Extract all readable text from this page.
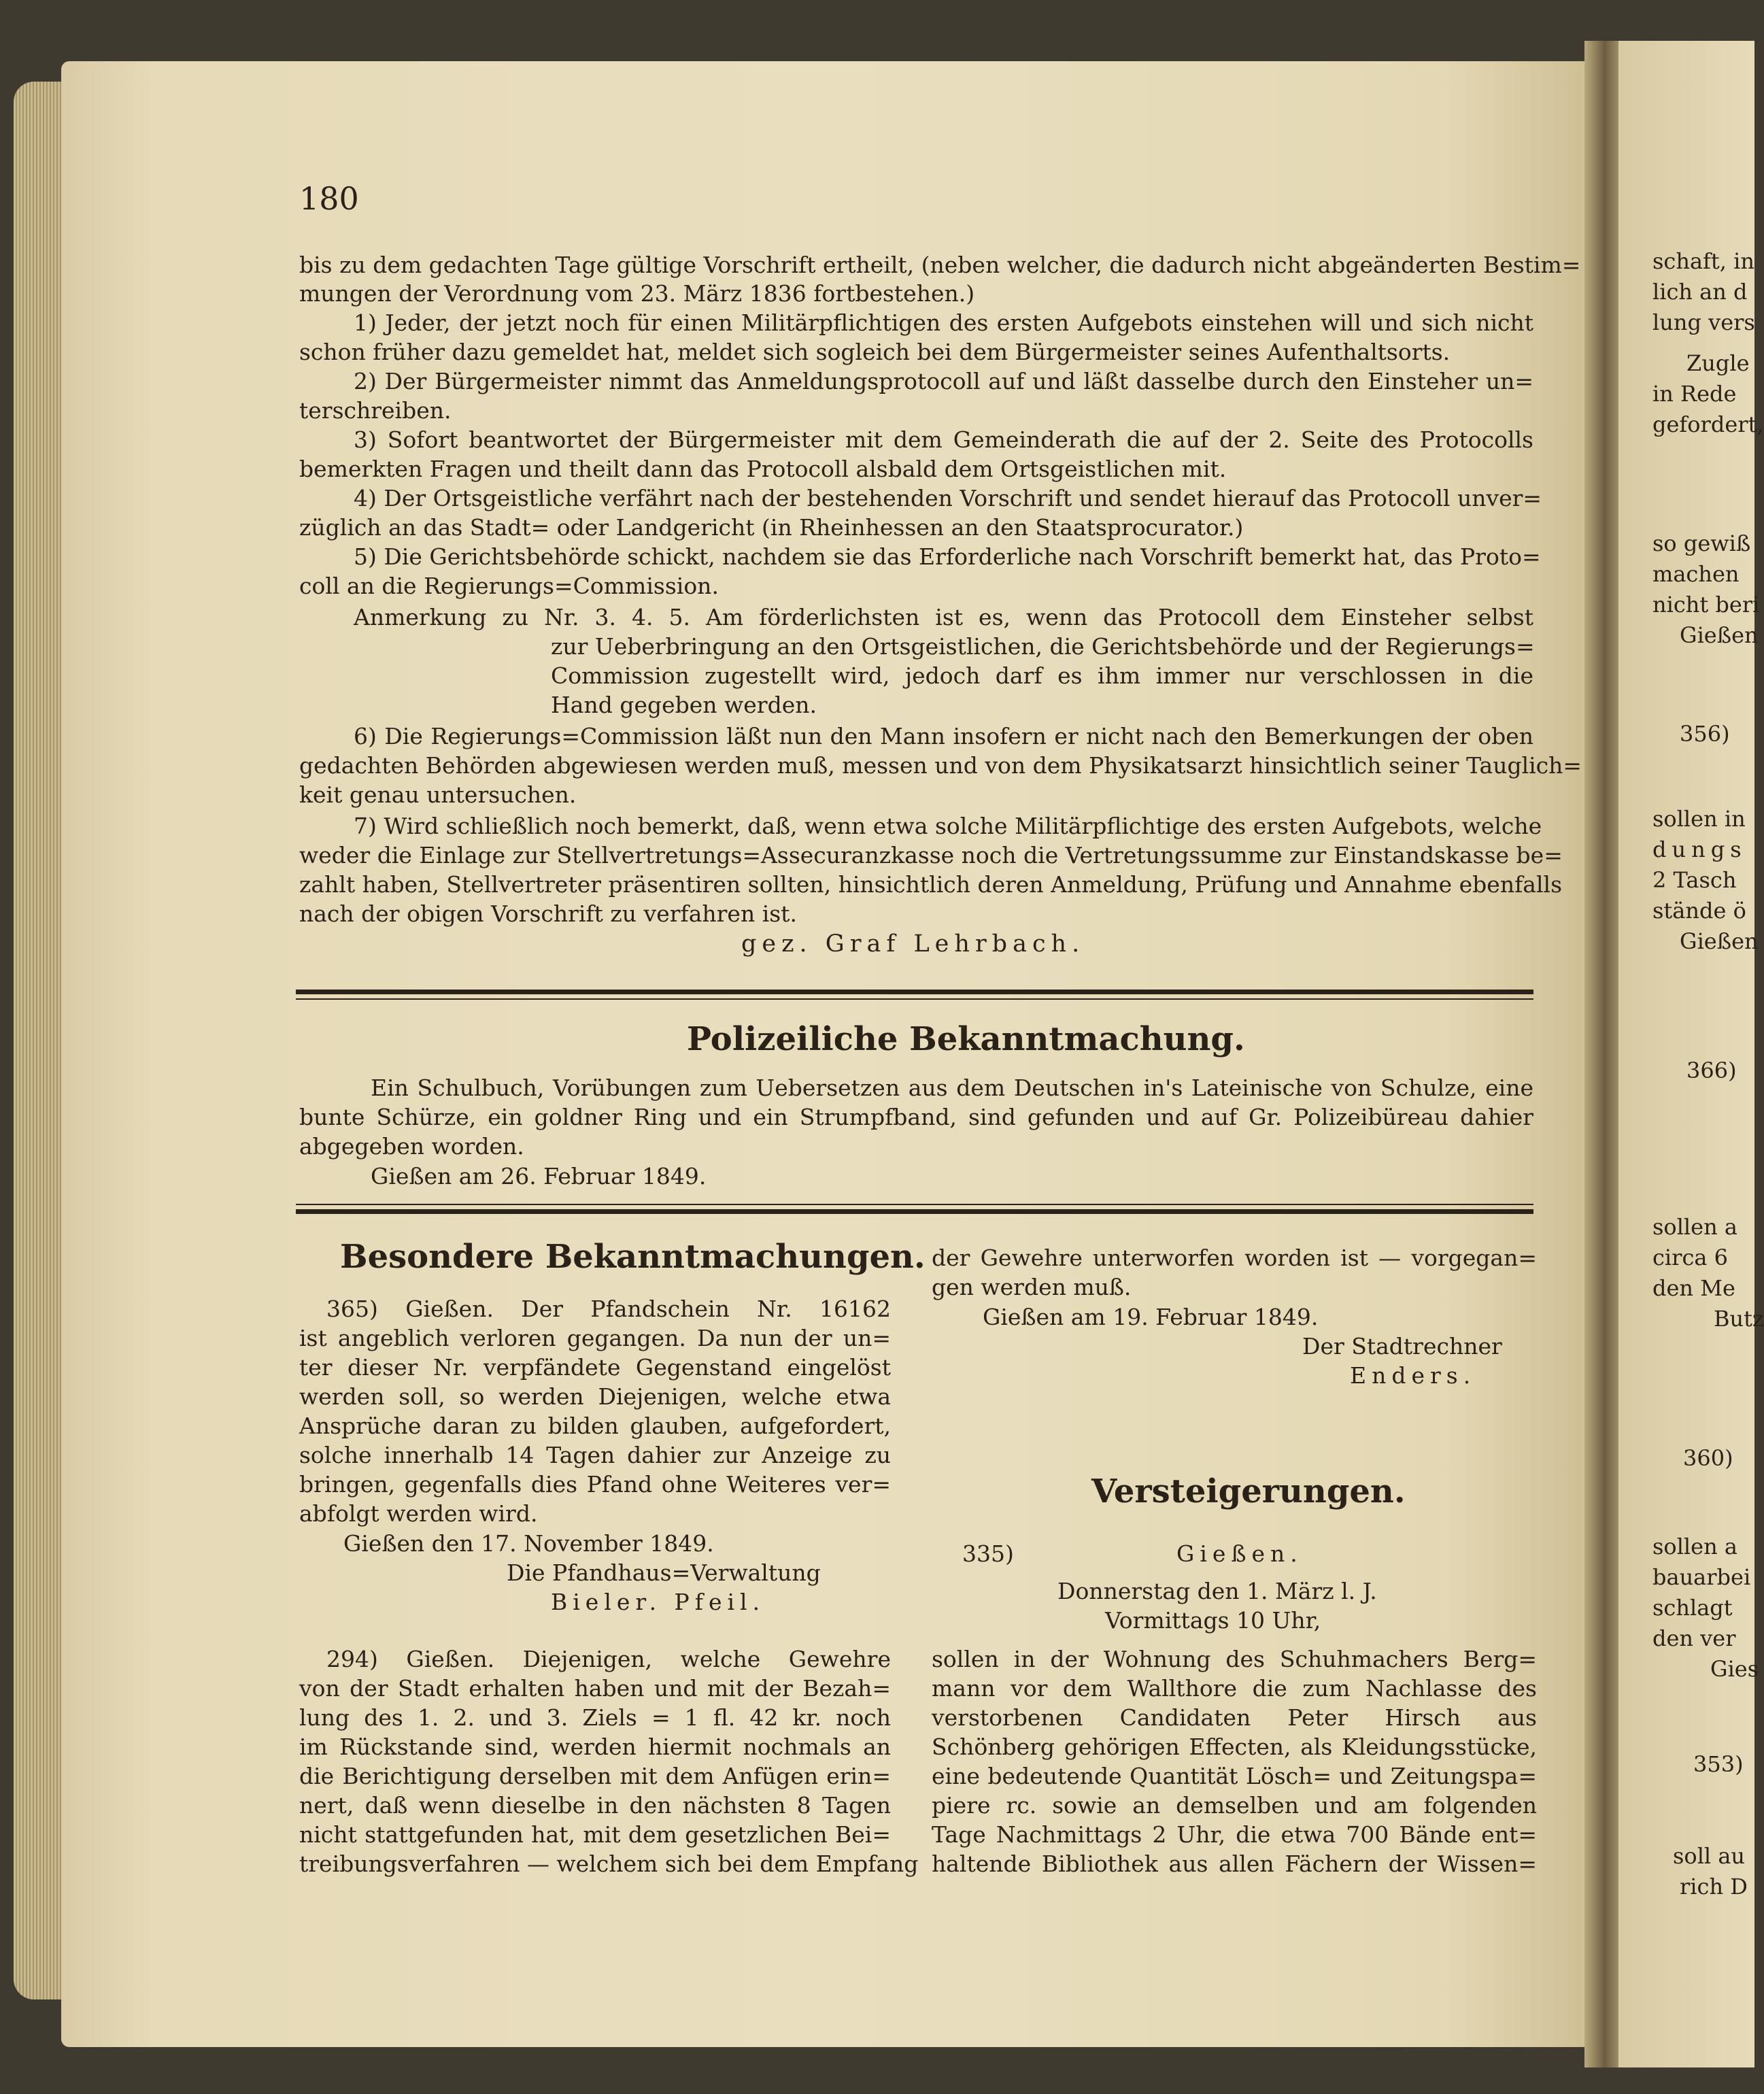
180
bis zu dem gedachten Tage gültige Vorschrift ertheilt, (neben welcher, die dadurch nicht abgeänderten Bestim=
mungen der Verordnung vom 23. März 1836 fortbestehen.)
1) Jeder, der jetzt noch für einen Militärpflichtigen des ersten Aufgebots einstehen will und sich nicht
schon früher dazu gemeldet hat, meldet sich sogleich bei dem Bürgermeister seines Aufenthaltsorts.
2) Der Bürgermeister nimmt das Anmeldungsprotocoll auf und läßt dasselbe durch den Einsteher un=
terschreiben.
3) Sofort beantwortet der Bürgermeister mit dem Gemeinderath die auf der 2. Seite des Protocolls
bemerkten Fragen und theilt dann das Protocoll alsbald dem Ortsgeistlichen mit.
4) Der Ortsgeistliche verfährt nach der bestehenden Vorschrift und sendet hierauf das Protocoll unver=
züglich an das Stadt= oder Landgericht (in Rheinhessen an den Staatsprocurator.)
5) Die Gerichtsbehörde schickt, nachdem sie das Erforderliche nach Vorschrift bemerkt hat, das Proto=
coll an die Regierungs=Commission.
Anmerkung zu Nr. 3. 4. 5. Am förderlichsten ist es, wenn das Protocoll dem Einsteher selbst
zur Ueberbringung an den Ortsgeistlichen, die Gerichtsbehörde und der Regierungs=
Commission zugestellt wird, jedoch darf es ihm immer nur verschlossen in die
Hand gegeben werden.
6) Die Regierungs=Commission läßt nun den Mann insofern er nicht nach den Bemerkungen der oben
gedachten Behörden abgewiesen werden muß, messen und von dem Physikatsarzt hinsichtlich seiner Tauglich=
keit genau untersuchen.
7) Wird schließlich noch bemerkt, daß, wenn etwa solche Militärpflichtige des ersten Aufgebots, welche
weder die Einlage zur Stellvertretungs=Assecuranzkasse noch die Vertretungssumme zur Einstandskasse be=
zahlt haben, Stellvertreter präsentiren sollten, hinsichtlich deren Anmeldung, Prüfung und Annahme ebenfalls
nach der obigen Vorschrift zu verfahren ist.
gez. Graf Lehrbach.
Polizeiliche Bekanntmachung.
Ein Schulbuch, Vorübungen zum Uebersetzen aus dem Deutschen in's Lateinische von Schulze, eine
bunte Schürze, ein goldner Ring und ein Strumpfband, sind gefunden und auf Gr. Polizeibüreau dahier
abgegeben worden.
Gießen am 26. Februar 1849.
Besondere Bekanntmachungen.
365) Gießen. Der Pfandschein Nr. 16162
ist angeblich verloren gegangen. Da nun der un=
ter dieser Nr. verpfändete Gegenstand eingelöst
werden soll, so werden Diejenigen, welche etwa
Ansprüche daran zu bilden glauben, aufgefordert,
solche innerhalb 14 Tagen dahier zur Anzeige zu
bringen, gegenfalls dies Pfand ohne Weiteres ver=
abfolgt werden wird.
Gießen den 17. November 1849.
Die Pfandhaus=Verwaltung
Bieler. Pfeil.
294) Gießen. Diejenigen, welche Gewehre
von der Stadt erhalten haben und mit der Bezah=
lung des 1. 2. und 3. Ziels = 1 fl. 42 kr. noch
im Rückstande sind, werden hiermit nochmals an
die Berichtigung derselben mit dem Anfügen erin=
nert, daß wenn dieselbe in den nächsten 8 Tagen
nicht stattgefunden hat, mit dem gesetzlichen Bei=
treibungsverfahren — welchem sich bei dem Empfang
der Gewehre unterworfen worden ist — vorgegan=
gen werden muß.
Gießen am 19. Februar 1849.
Der Stadtrechner
Enders.
Versteigerungen.
335)	Gießen.
Donnerstag den 1. März l. J.
Vormittags 10 Uhr,
sollen in der Wohnung des Schuhmachers Berg=
mann vor dem Wallthore die zum Nachlasse des
verstorbenen Candidaten Peter Hirsch aus
Schönberg gehörigen Effecten, als Kleidungsstücke,
eine bedeutende Quantität Lösch= und Zeitungspa=
piere rc. sowie an demselben und am folgenden
Tage Nachmittags 2 Uhr, die etwa 700 Bände ent=
haltende Bibliothek aus allen Fächern der Wissen=
schaft, in
lich an d
lung vers
Zugle
in Rede
gefordert,
so gewiß
machen
nicht beri
Gießen
356)
sollen in
dungs
2 Tasch
stände ö
Gießen
366)
sollen a
circa 6
den Me
Butz
360)
sollen a
bauarbei
schlagt
den ver
Gies
353)
soll au
rich D
